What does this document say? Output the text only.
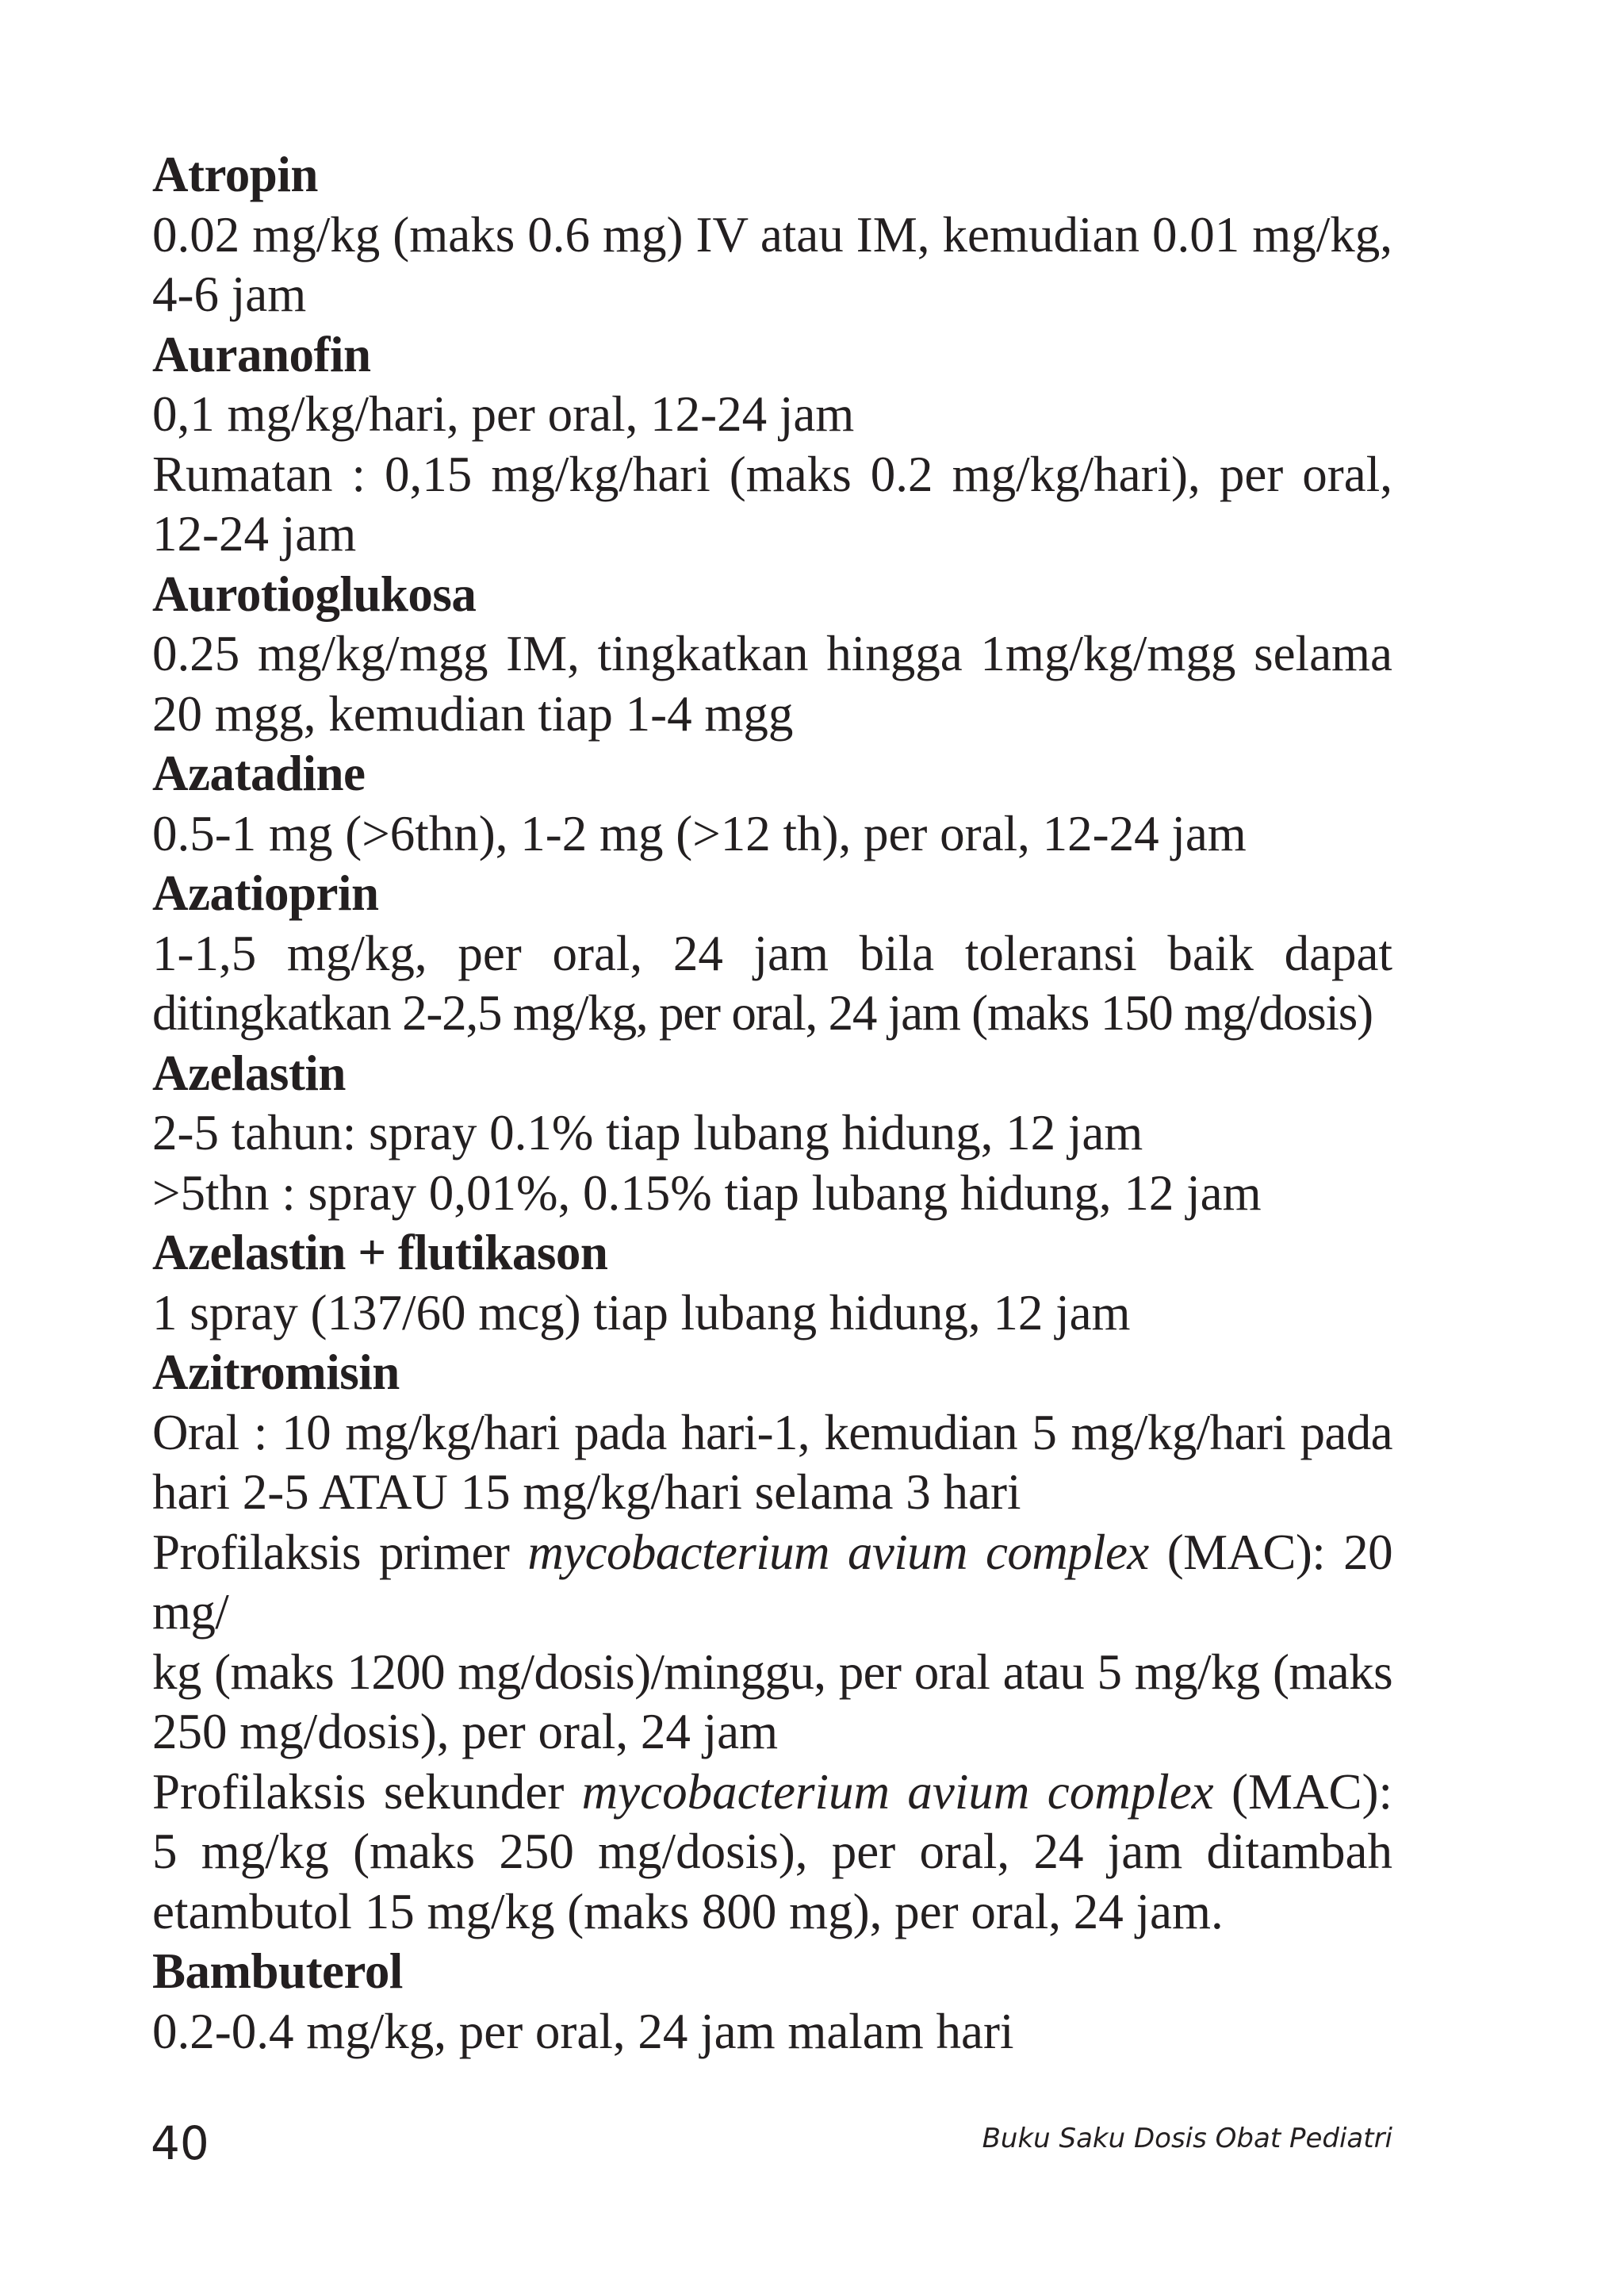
Atropin

0.02 mg/kg (maks 0.6 mg) IV atau IM, kemudian 0.01 mg/kg,

4-6 jam

Auranofin

0,1 mg/kg/hari, per oral, 12-24 jam

Rumatan : 0,15 mg/kg/hari (maks 0.2 mg/kg/hari), per oral,

12-24 jam

Aurotioglukosa

0.25 mg/kg/mgg IM, tingkatkan hingga 1mg/kg/mgg selama

20 mgg, kemudian tiap 1-4 mgg

Azatadine

0.5-1 mg (>6thn), 1-2 mg (>12 th), per oral, 12-24 jam

Azatioprin

1-1,5 mg/kg, per oral, 24 jam bila toleransi baik dapat

ditingkatkan 2-2,5 mg/kg, per oral, 24 jam (maks 150 mg/dosis)

Azelastin

2-5 tahun: spray 0.1% tiap lubang hidung, 12 jam

>5thn : spray 0,01%, 0.15% tiap lubang hidung, 12 jam

Azelastin + flutikason

1 spray (137/60 mcg) tiap lubang hidung, 12 jam

Azitromisin

Oral : 10 mg/kg/hari pada hari-1, kemudian 5 mg/kg/hari pada

hari 2-5 ATAU 15 mg/kg/hari selama 3 hari

Profilaksis primer mycobacterium avium complex (MAC): 20 mg/

kg (maks 1200 mg/dosis)/minggu, per oral atau 5 mg/kg (maks

250 mg/dosis), per oral, 24 jam

Profilaksis sekunder mycobacterium avium complex (MAC):

5 mg/kg (maks 250 mg/dosis), per oral, 24 jam ditambah

etambutol 15 mg/kg (maks 800 mg), per oral, 24 jam.

Bambuterol

0.2-0.4 mg/kg, per oral, 24 jam malam hari

40	Buku Saku Dosis Obat Pediatri
